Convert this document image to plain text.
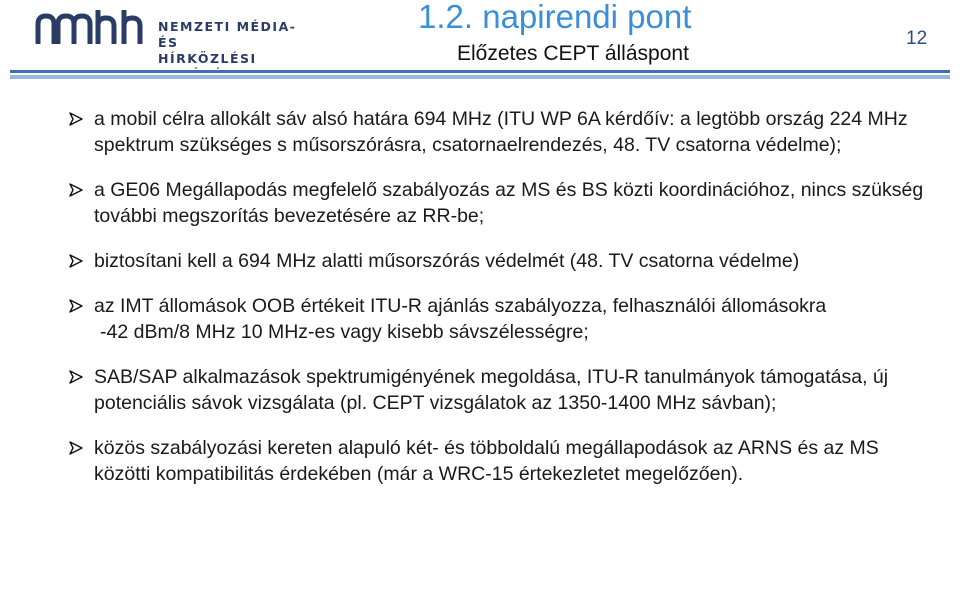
NEMZETI MÉDIA- ÉS
HÍRKÖZLÉSI
1.2. napirendi pont
Előzetes CEPT álláspont
12
a mobil célra allokált sáv alsó határa 694 MHz (ITU WP 6A kérdőív: a legtöbb ország 224 MHz spektrum szükséges s műsorszórásra, csatornaelrendezés, 48. TV csatorna védelme);
a GE06 Megállapodás megfelelő szabályozás az MS és BS közti koordinációhoz, nincs szükség további megszorítás bevezetésére az RR-be;
biztosítani kell a 694 MHz alatti műsorszórás védelmét (48. TV csatorna védelme)
az IMT állomások OOB értékeit ITU-R ajánlás szabályozza, felhasználói állomásokra
-42 dBm/8 MHz 10 MHz-es vagy kisebb sávszélességre;
SAB/SAP alkalmazások spektrumigényének megoldása, ITU-R tanulmányok támogatása, új potenciális sávok vizsgálata (pl. CEPT vizsgálatok az 1350-1400 MHz sávban);
közös szabályozási kereten alapuló két- és többoldalú megállapodások az ARNS és az MS közötti kompatibilitás érdekében (már a WRC-15 értekezletet megelőzően).
